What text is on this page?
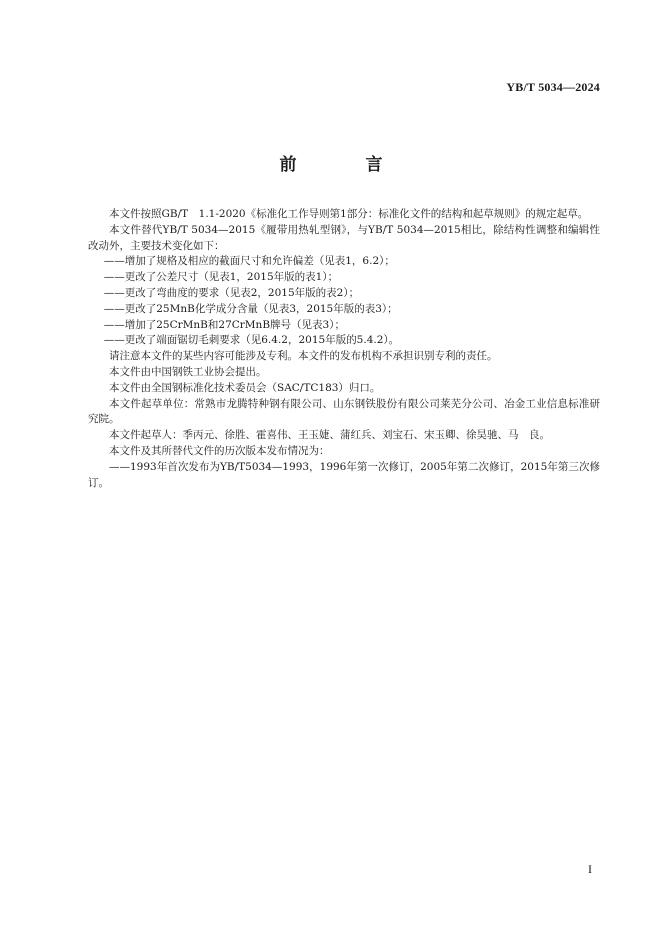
YB/T 5034—2024
前　言

本文件按照GB/T　1.1-2020《标准化工作导则第1部分：标准化文件的结构和起草规则》的规定起草。

本文件替代YB/T 5034—2015《履带用热轧型钢》，与YB/T 5034—2015相比，除结构性调整和编辑性改动外，主要技术变化如下：

——增加了规格及相应的截面尺寸和允许偏差（见表1，6.2）；

——更改了公差尺寸（见表1，2015年版的表1）；

——更改了弯曲度的要求（见表2，2015年版的表2）；

——更改了25MnB化学成分含量（见表3，2015年版的表3）；

——增加了25CrMnB和27CrMnB牌号（见表3）；

——更改了端面锯切毛刺要求（见6.4.2，2015年版的5.4.2）。

请注意本文件的某些内容可能涉及专利。本文件的发布机构不承担识别专利的责任。

本文件由中国钢铁工业协会提出。

本文件由全国钢标准化技术委员会（SAC/TC183）归口。

本文件起草单位：常熟市龙腾特种钢有限公司、山东钢铁股份有限公司莱芜分公司、冶金工业信息标准研究院。

本文件起草人：季丙元、徐胜、霍喜伟、王玉婕、蒲红兵、刘宝石、宋玉卿、徐昊驰、马　良。

本文件及其所替代文件的历次版本发布情况为：

——1993年首次发布为YB/T5034—1993，1996年第一次修订，2005年第二次修订，2015年第三次修订。

I
